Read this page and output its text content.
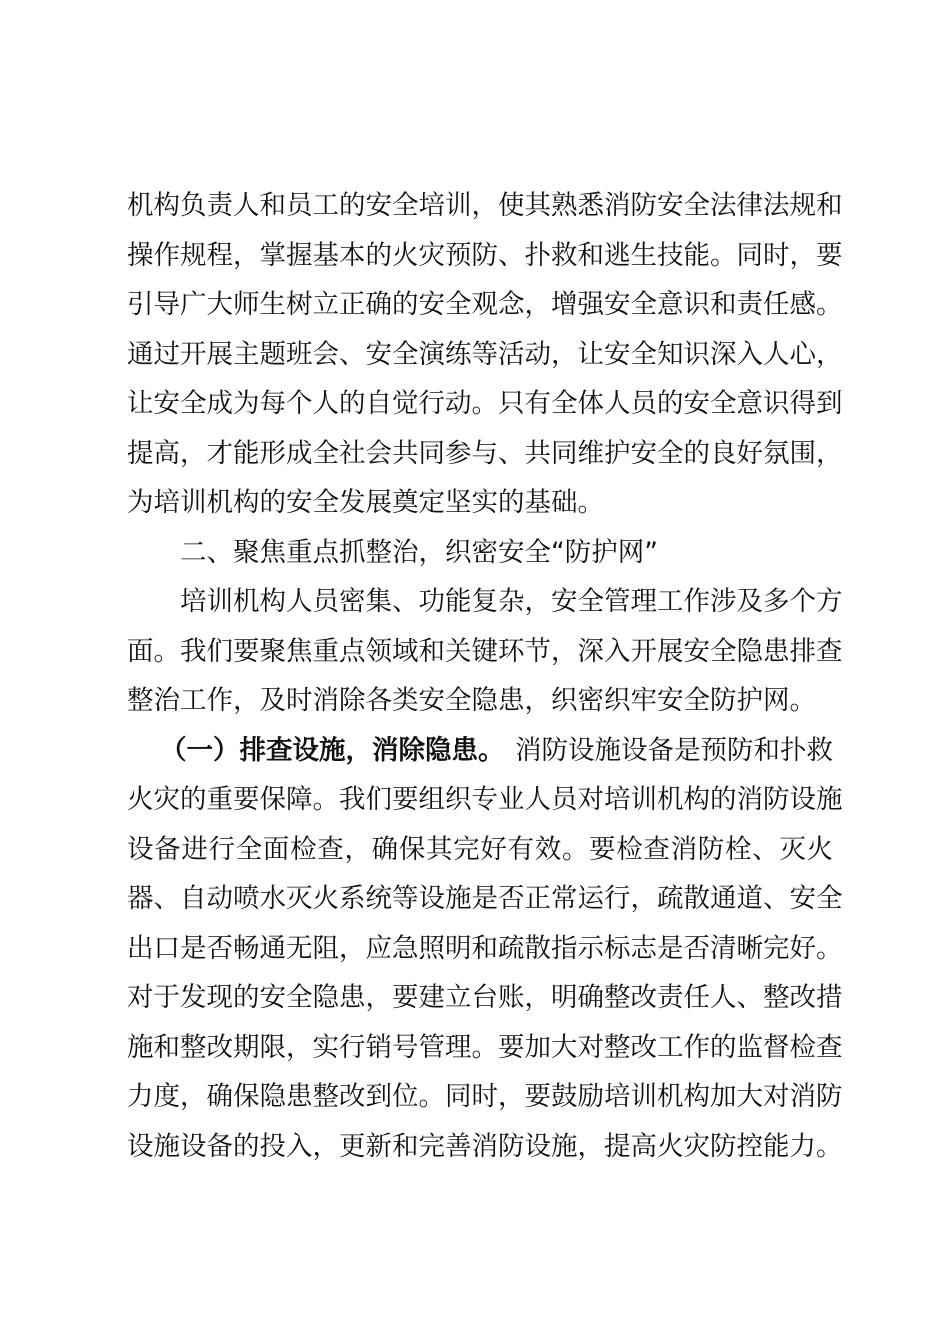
机构负责人和员工的安全培训，使其熟悉消防安全法律法规和
操作规程，掌握基本的火灾预防、扑救和逃生技能。同时，要
引导广大师生树立正确的安全观念，增强安全意识和责任感。
通过开展主题班会、安全演练等活动，让安全知识深入人心，
让安全成为每个人的自觉行动。只有全体人员的安全意识得到
提高，才能形成全社会共同参与、共同维护安全的良好氛围，
为培训机构的安全发展奠定坚实的基础。
二、聚焦重点抓整治，织密安全“防护网”
培训机构人员密集、功能复杂，安全管理工作涉及多个方
面。我们要聚焦重点领域和关键环节，深入开展安全隐患排查
整治工作，及时消除各类安全隐患，织密织牢安全防护网。
（一）排查设施，消除隐患。 消防设施设备是预防和扑救
火灾的重要保障。我们要组织专业人员对培训机构的消防设施
设备进行全面检查，确保其完好有效。要检查消防栓、灭火
器、自动喷水灭火系统等设施是否正常运行，疏散通道、安全
出口是否畅通无阻，应急照明和疏散指示标志是否清晰完好。
对于发现的安全隐患，要建立台账，明确整改责任人、整改措
施和整改期限，实行销号管理。要加大对整改工作的监督检查
力度，确保隐患整改到位。同时，要鼓励培训机构加大对消防
设施设备的投入，更新和完善消防设施，提高火灾防控能力。
